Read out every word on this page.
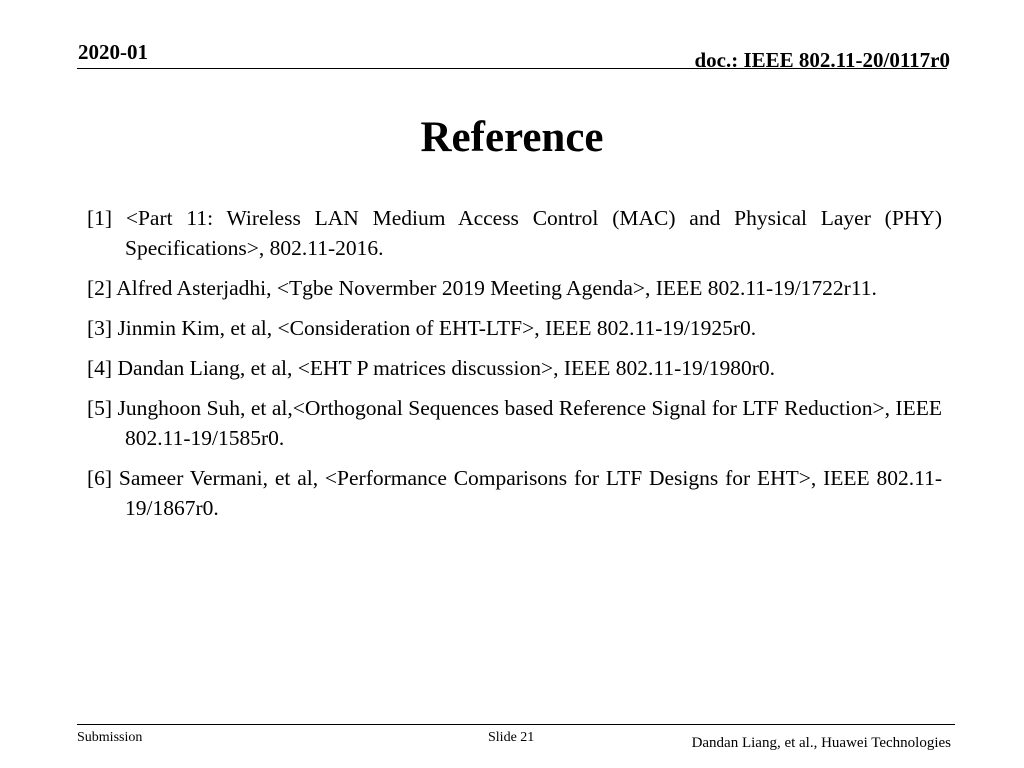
2020-01	doc.: IEEE 802.11-20/0117r0
Reference
[1] <Part 11: Wireless LAN Medium Access Control (MAC) and Physical Layer (PHY) Specifications>, 802.11-2016.
[2] Alfred Asterjadhi, <Tgbe Novermber 2019 Meeting Agenda>, IEEE 802.11-19/1722r11.
[3] Jinmin Kim, et al, <Consideration of EHT-LTF>, IEEE 802.11-19/1925r0.
[4] Dandan Liang, et al, <EHT P matrices discussion>, IEEE 802.11-19/1980r0.
[5] Junghoon Suh, et al,<Orthogonal Sequences based Reference Signal for LTF Reduction>, IEEE 802.11-19/1585r0.
[6] Sameer Vermani, et al, <Performance Comparisons for LTF Designs for EHT>, IEEE 802.11-19/1867r0.
Submission	Slide 21	Dandan Liang, et al., Huawei Technologies
